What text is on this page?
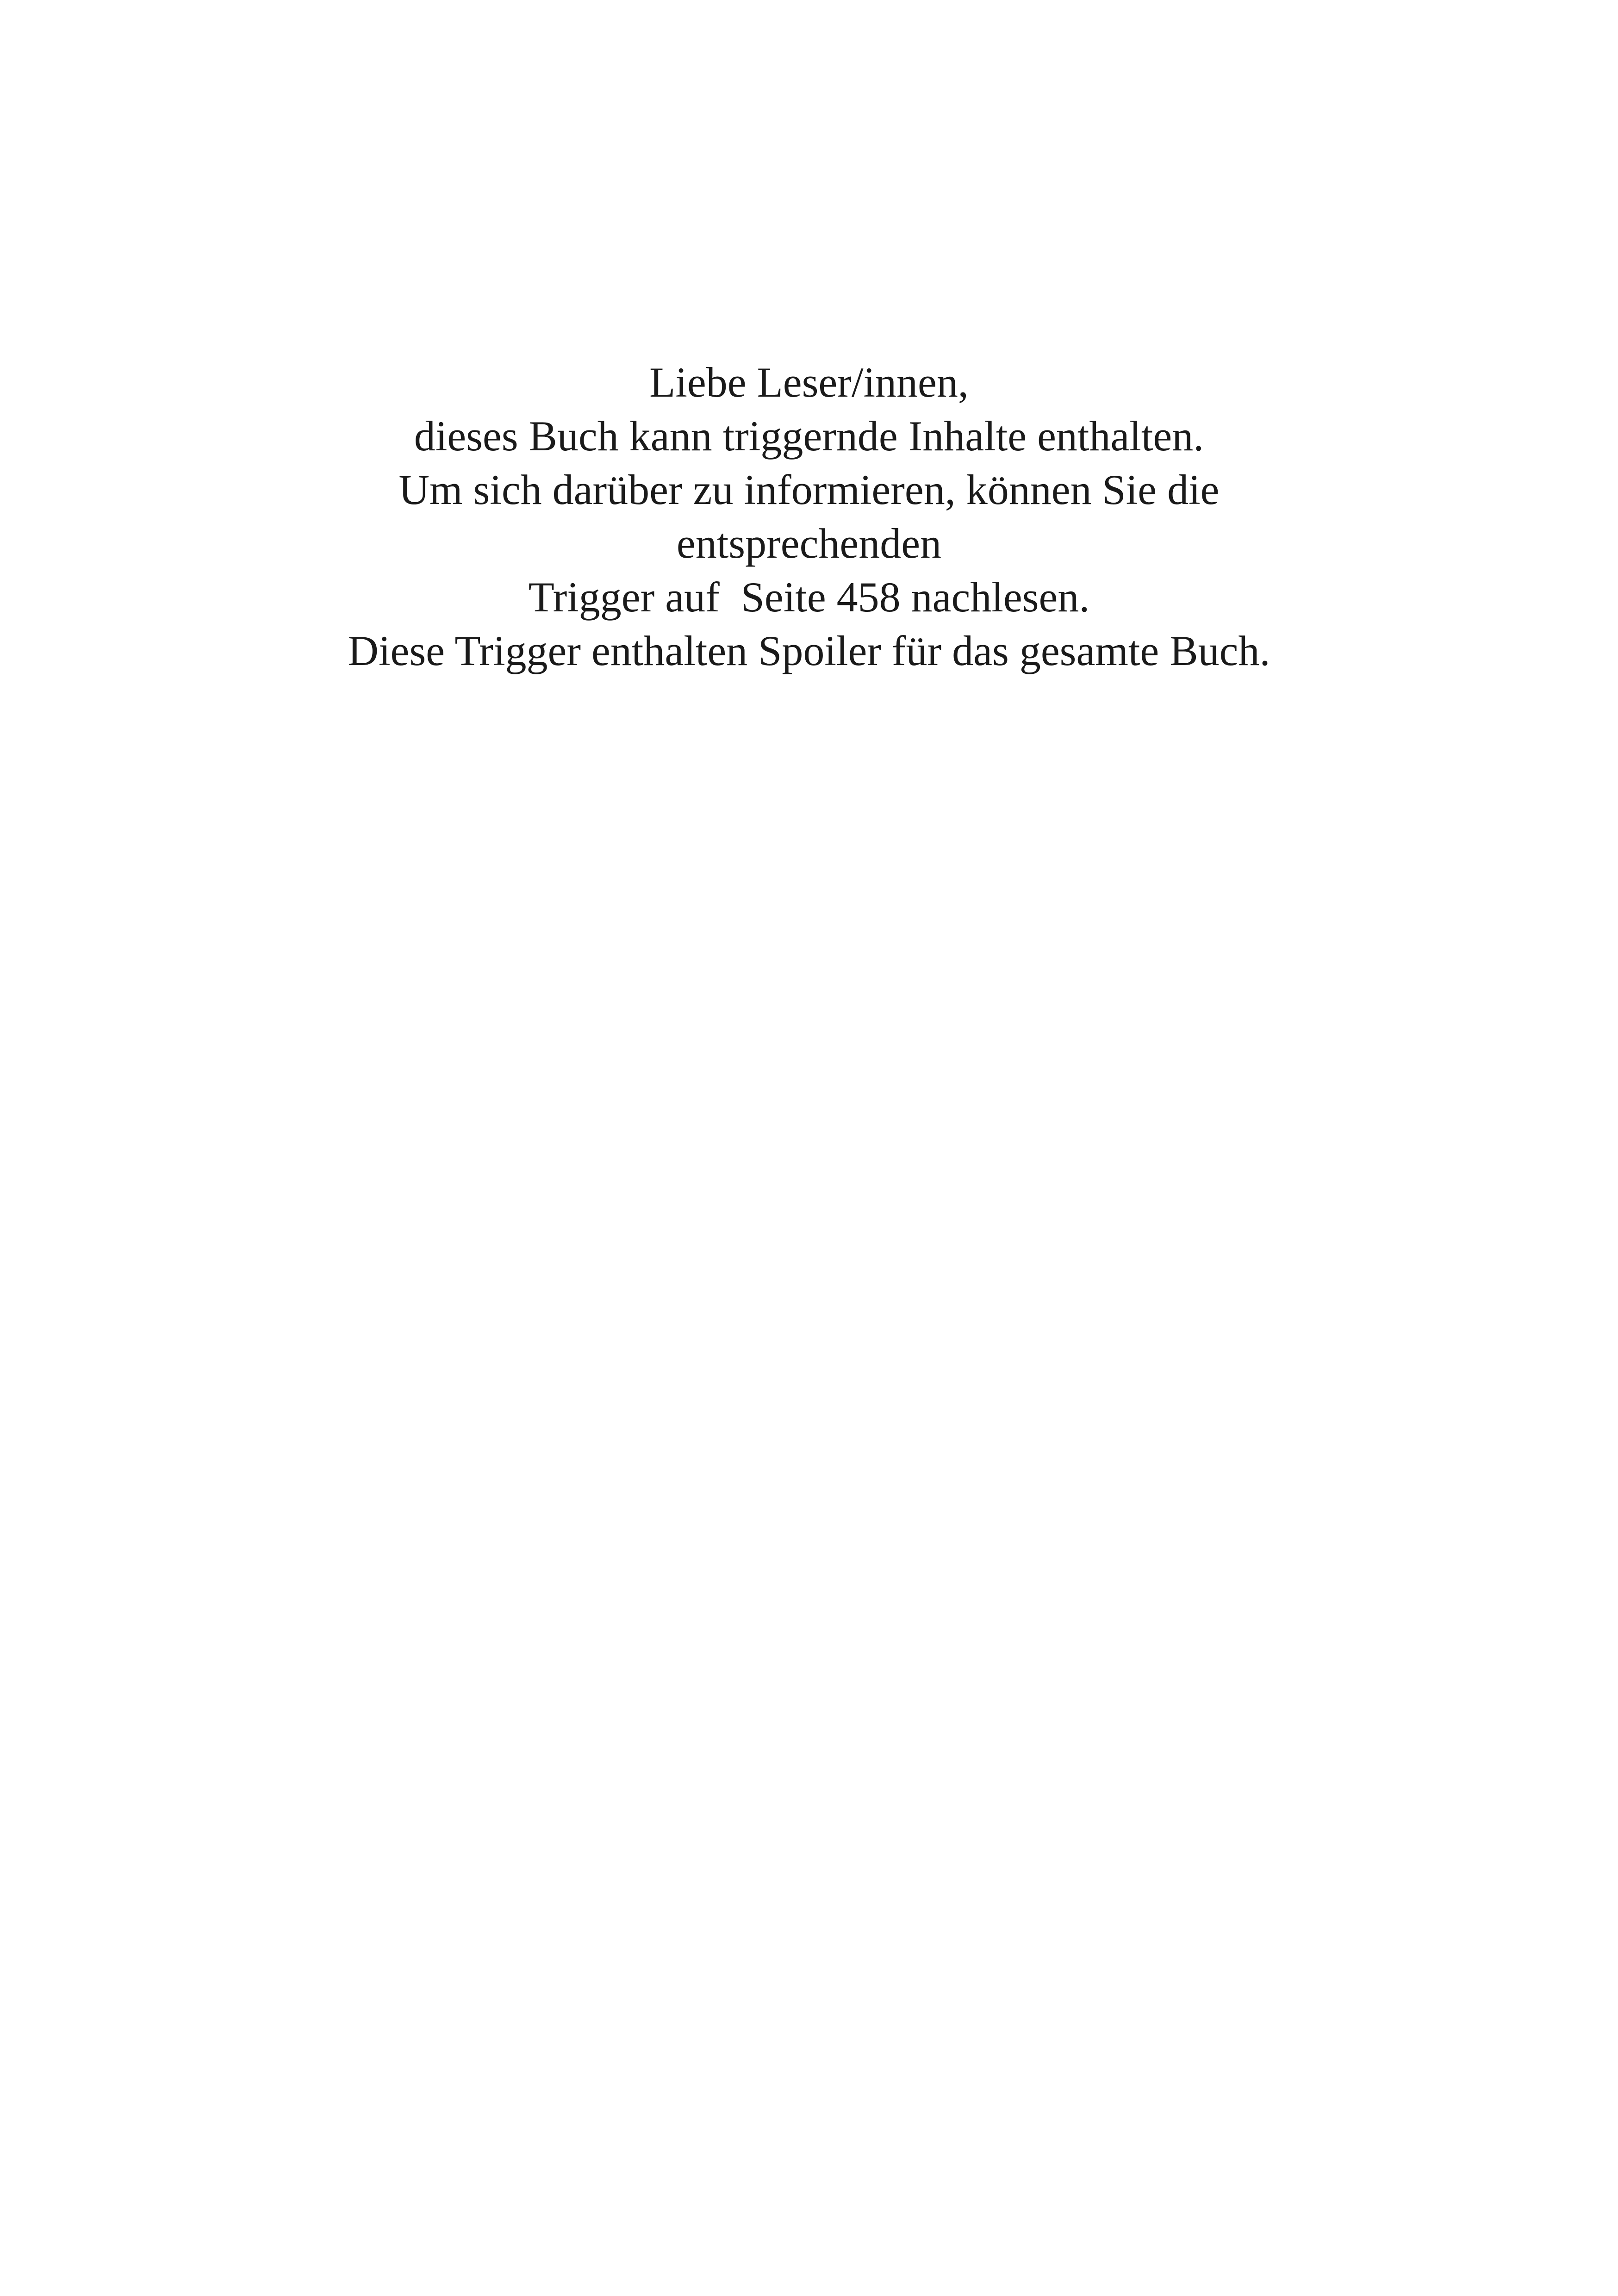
Liebe Leser/innen,
dieses Buch kann triggernde Inhalte enthalten.
Um sich darüber zu informieren, können Sie die
entsprechenden
Trigger auf  Seite 458 nachlesen.
Diese Trigger enthalten Spoiler für das gesamte Buch.
